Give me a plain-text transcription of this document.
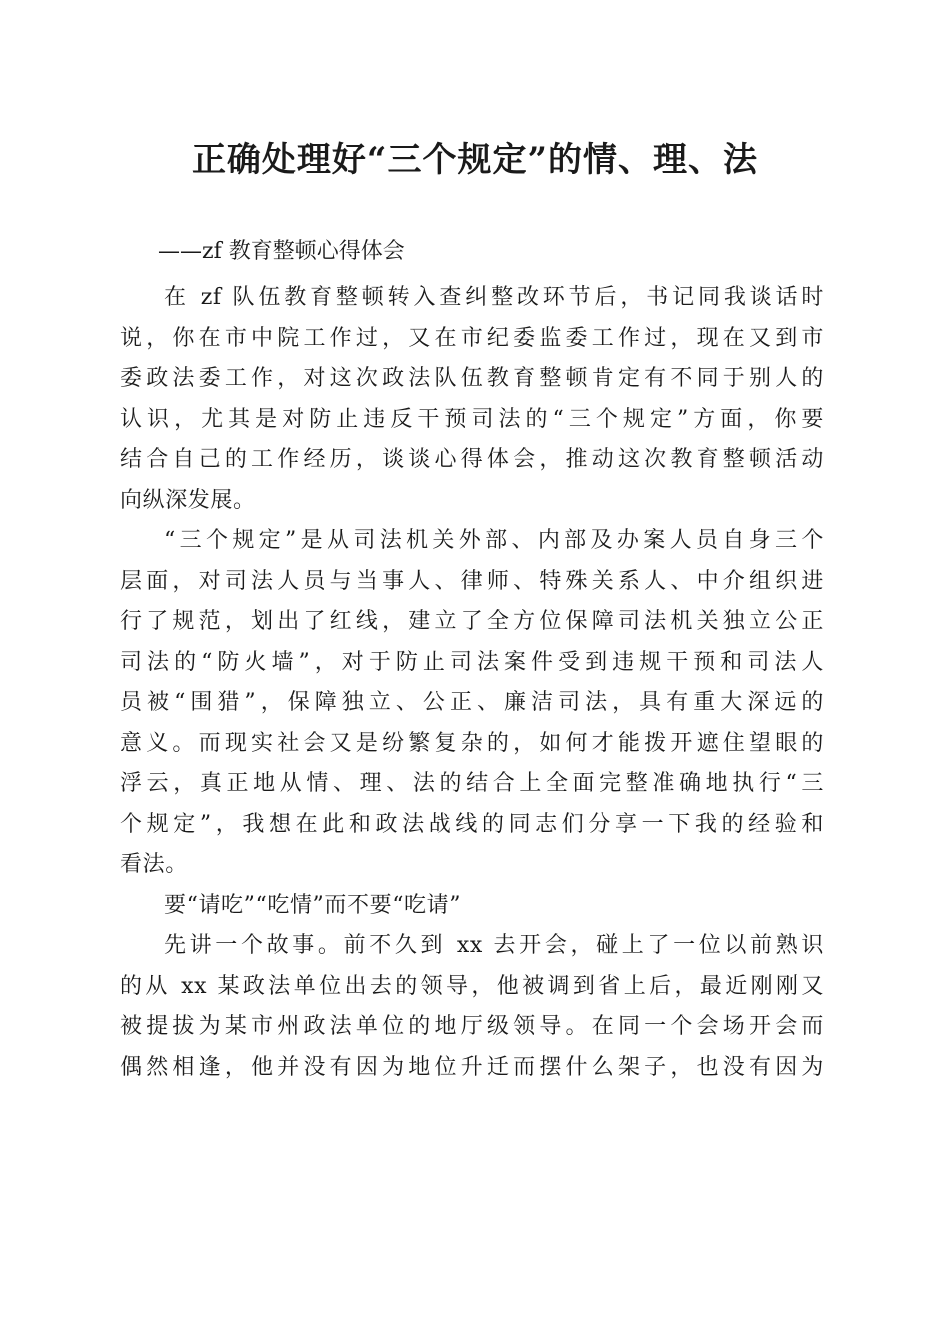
正确处理好“三个规定”的情、理、法

——zf 教育整顿心得体会

在 zf 队伍教育整顿转入查纠整改环节后，书记同我谈话时
说，你在市中院工作过，又在市纪委监委工作过，现在又到市
委政法委工作，对这次政法队伍教育整顿肯定有不同于别人的
认识，尤其是对防止违反干预司法的“三个规定”方面，你要
结合自己的工作经历，谈谈心得体会，推动这次教育整顿活动
向纵深发展。
“三个规定”是从司法机关外部、内部及办案人员自身三个
层面，对司法人员与当事人、律师、特殊关系人、中介组织进
行了规范，划出了红线，建立了全方位保障司法机关独立公正
司法的“防火墙”，对于防止司法案件受到违规干预和司法人
员被“围猎”，保障独立、公正、廉洁司法，具有重大深远的
意义。而现实社会又是纷繁复杂的，如何才能拨开遮住望眼的
浮云，真正地从情、理、法的结合上全面完整准确地执行“三
个规定”，我想在此和政法战线的同志们分享一下我的经验和
看法。
要“请吃”“吃情”而不要“吃请”
先讲一个故事。前不久到 xx 去开会，碰上了一位以前熟识
的从 xx 某政法单位出去的领导，他被调到省上后，最近刚刚又
被提拔为某市州政法单位的地厅级领导。在同一个会场开会而
偶然相逢，他并没有因为地位升迁而摆什么架子，也没有因为
